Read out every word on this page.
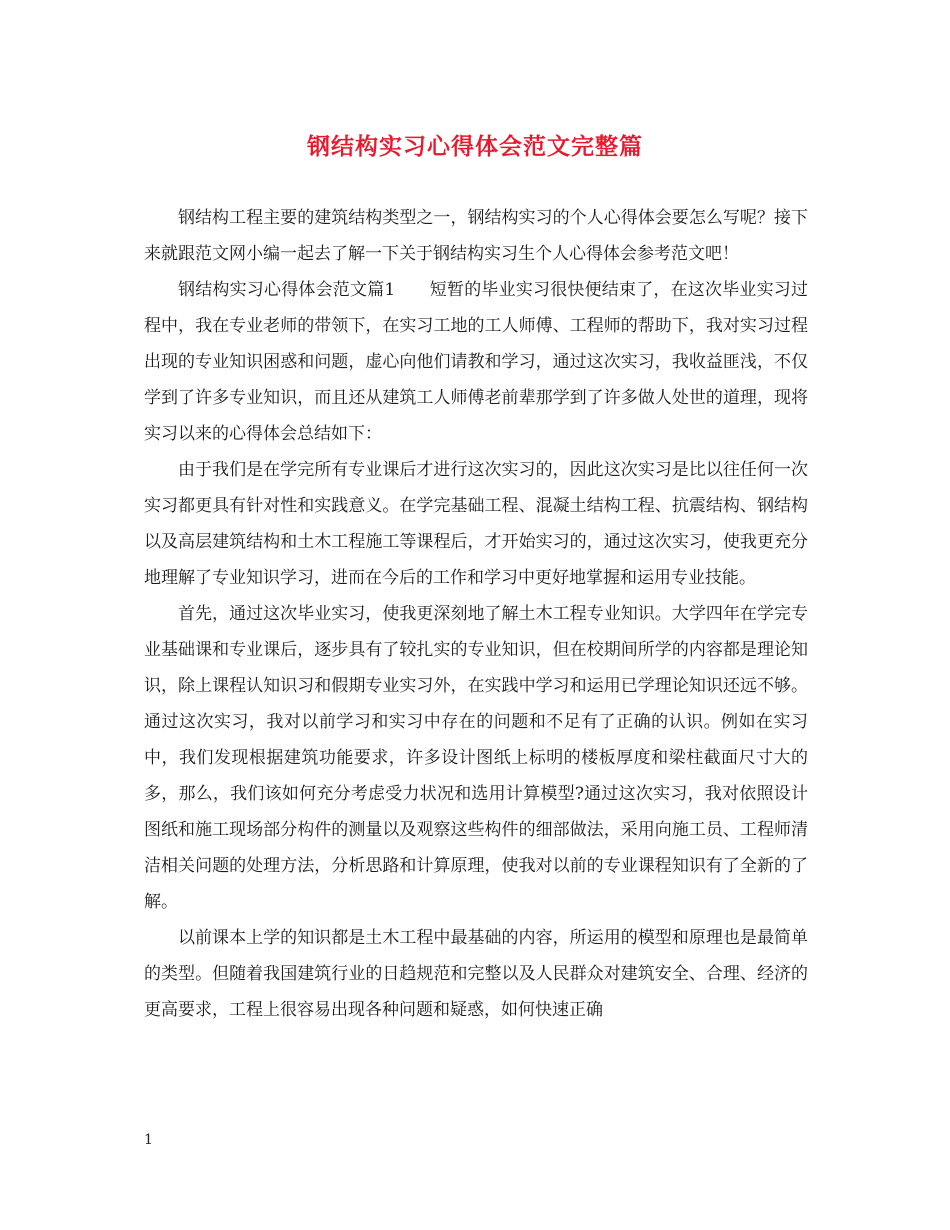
钢结构实习心得体会范文完整篇

钢结构工程主要的建筑结构类型之一，钢结构实习的个人心得体会要怎么写呢？接下来就跟范文网小编一起去了解一下关于钢结构实习生个人心得体会参考范文吧！

钢结构实习心得体会范文篇1　　短暂的毕业实习很快便结束了，在这次毕业实习过程中，我在专业老师的带领下，在实习工地的工人师傅、工程师的帮助下，我对实习过程出现的专业知识困惑和问题，虚心向他们请教和学习，通过这次实习，我收益匪浅，不仅学到了许多专业知识，而且还从建筑工人师傅老前辈那学到了许多做人处世的道理，现将实习以来的心得体会总结如下：

由于我们是在学完所有专业课后才进行这次实习的，因此这次实习是比以往任何一次实习都更具有针对性和实践意义。在学完基础工程、混凝土结构工程、抗震结构、钢结构以及高层建筑结构和土木工程施工等课程后，才开始实习的，通过这次实习，使我更充分地理解了专业知识学习，进而在今后的工作和学习中更好地掌握和运用专业技能。

首先，通过这次毕业实习，使我更深刻地了解土木工程专业知识。大学四年在学完专业基础课和专业课后，逐步具有了较扎实的专业知识，但在校期间所学的内容都是理论知识，除上课程认知识习和假期专业实习外，在实践中学习和运用已学理论知识还远不够。通过这次实习，我对以前学习和实习中存在的问题和不足有了正确的认识。例如在实习中，我们发现根据建筑功能要求，许多设计图纸上标明的楼板厚度和梁柱截面尺寸大的多，那么，我们该如何充分考虑受力状况和选用计算模型?通过这次实习，我对依照设计图纸和施工现场部分构件的测量以及观察这些构件的细部做法，采用向施工员、工程师清洁相关问题的处理方法，分析思路和计算原理，使我对以前的专业课程知识有了全新的了解。

以前课本上学的知识都是土木工程中最基础的内容，所运用的模型和原理也是最简单的类型。但随着我国建筑行业的日趋规范和完整以及人民群众对建筑安全、合理、经济的更高要求，工程上很容易出现各种问题和疑惑，如何快速正确

1
